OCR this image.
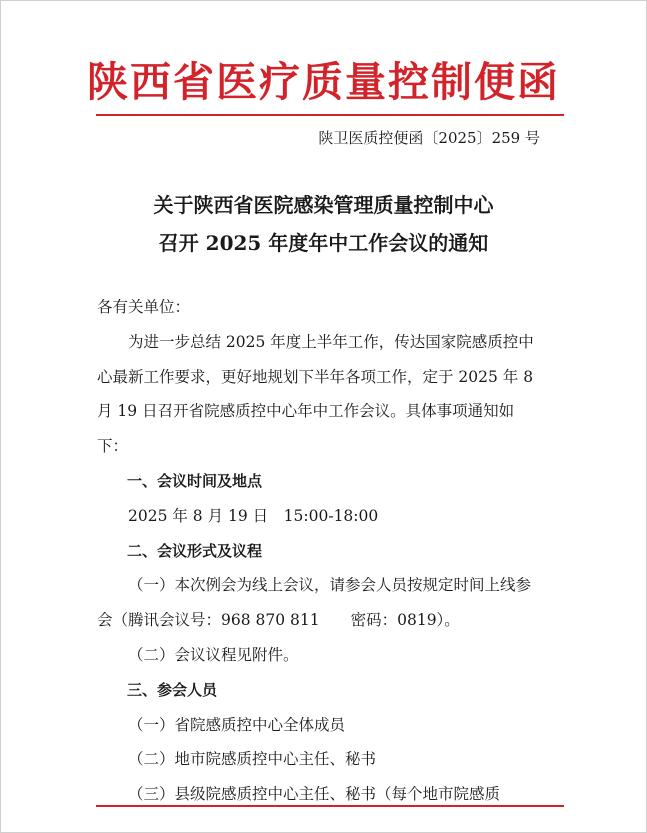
陕西省医疗质量控制便函
陕卫医质控便函〔2025〕259 号
关于陕西省医院感染管理质量控制中心
召开 2025 年度年中工作会议的通知

各有关单位：

为进一步总结 2025 年度上半年工作，传达国家院感质控中心最新工作要求，更好地规划下半年各项工作，定于 2025 年 8 月 19 日召开省院感质控中心年中工作会议。具体事项通知如下：

一、会议时间及地点

2025 年 8 月 19 日　15:00-18:00

二、会议形式及议程

（一）本次例会为线上会议，请参会人员按规定时间上线参会（腾讯会议号：968 870 811　　密码：0819）。

（二）会议议程见附件。

三、参会人员

（一）省院感质控中心全体成员

（二）地市院感质控中心主任、秘书

（三）县级院感质控中心主任、秘书（每个地市院感质
